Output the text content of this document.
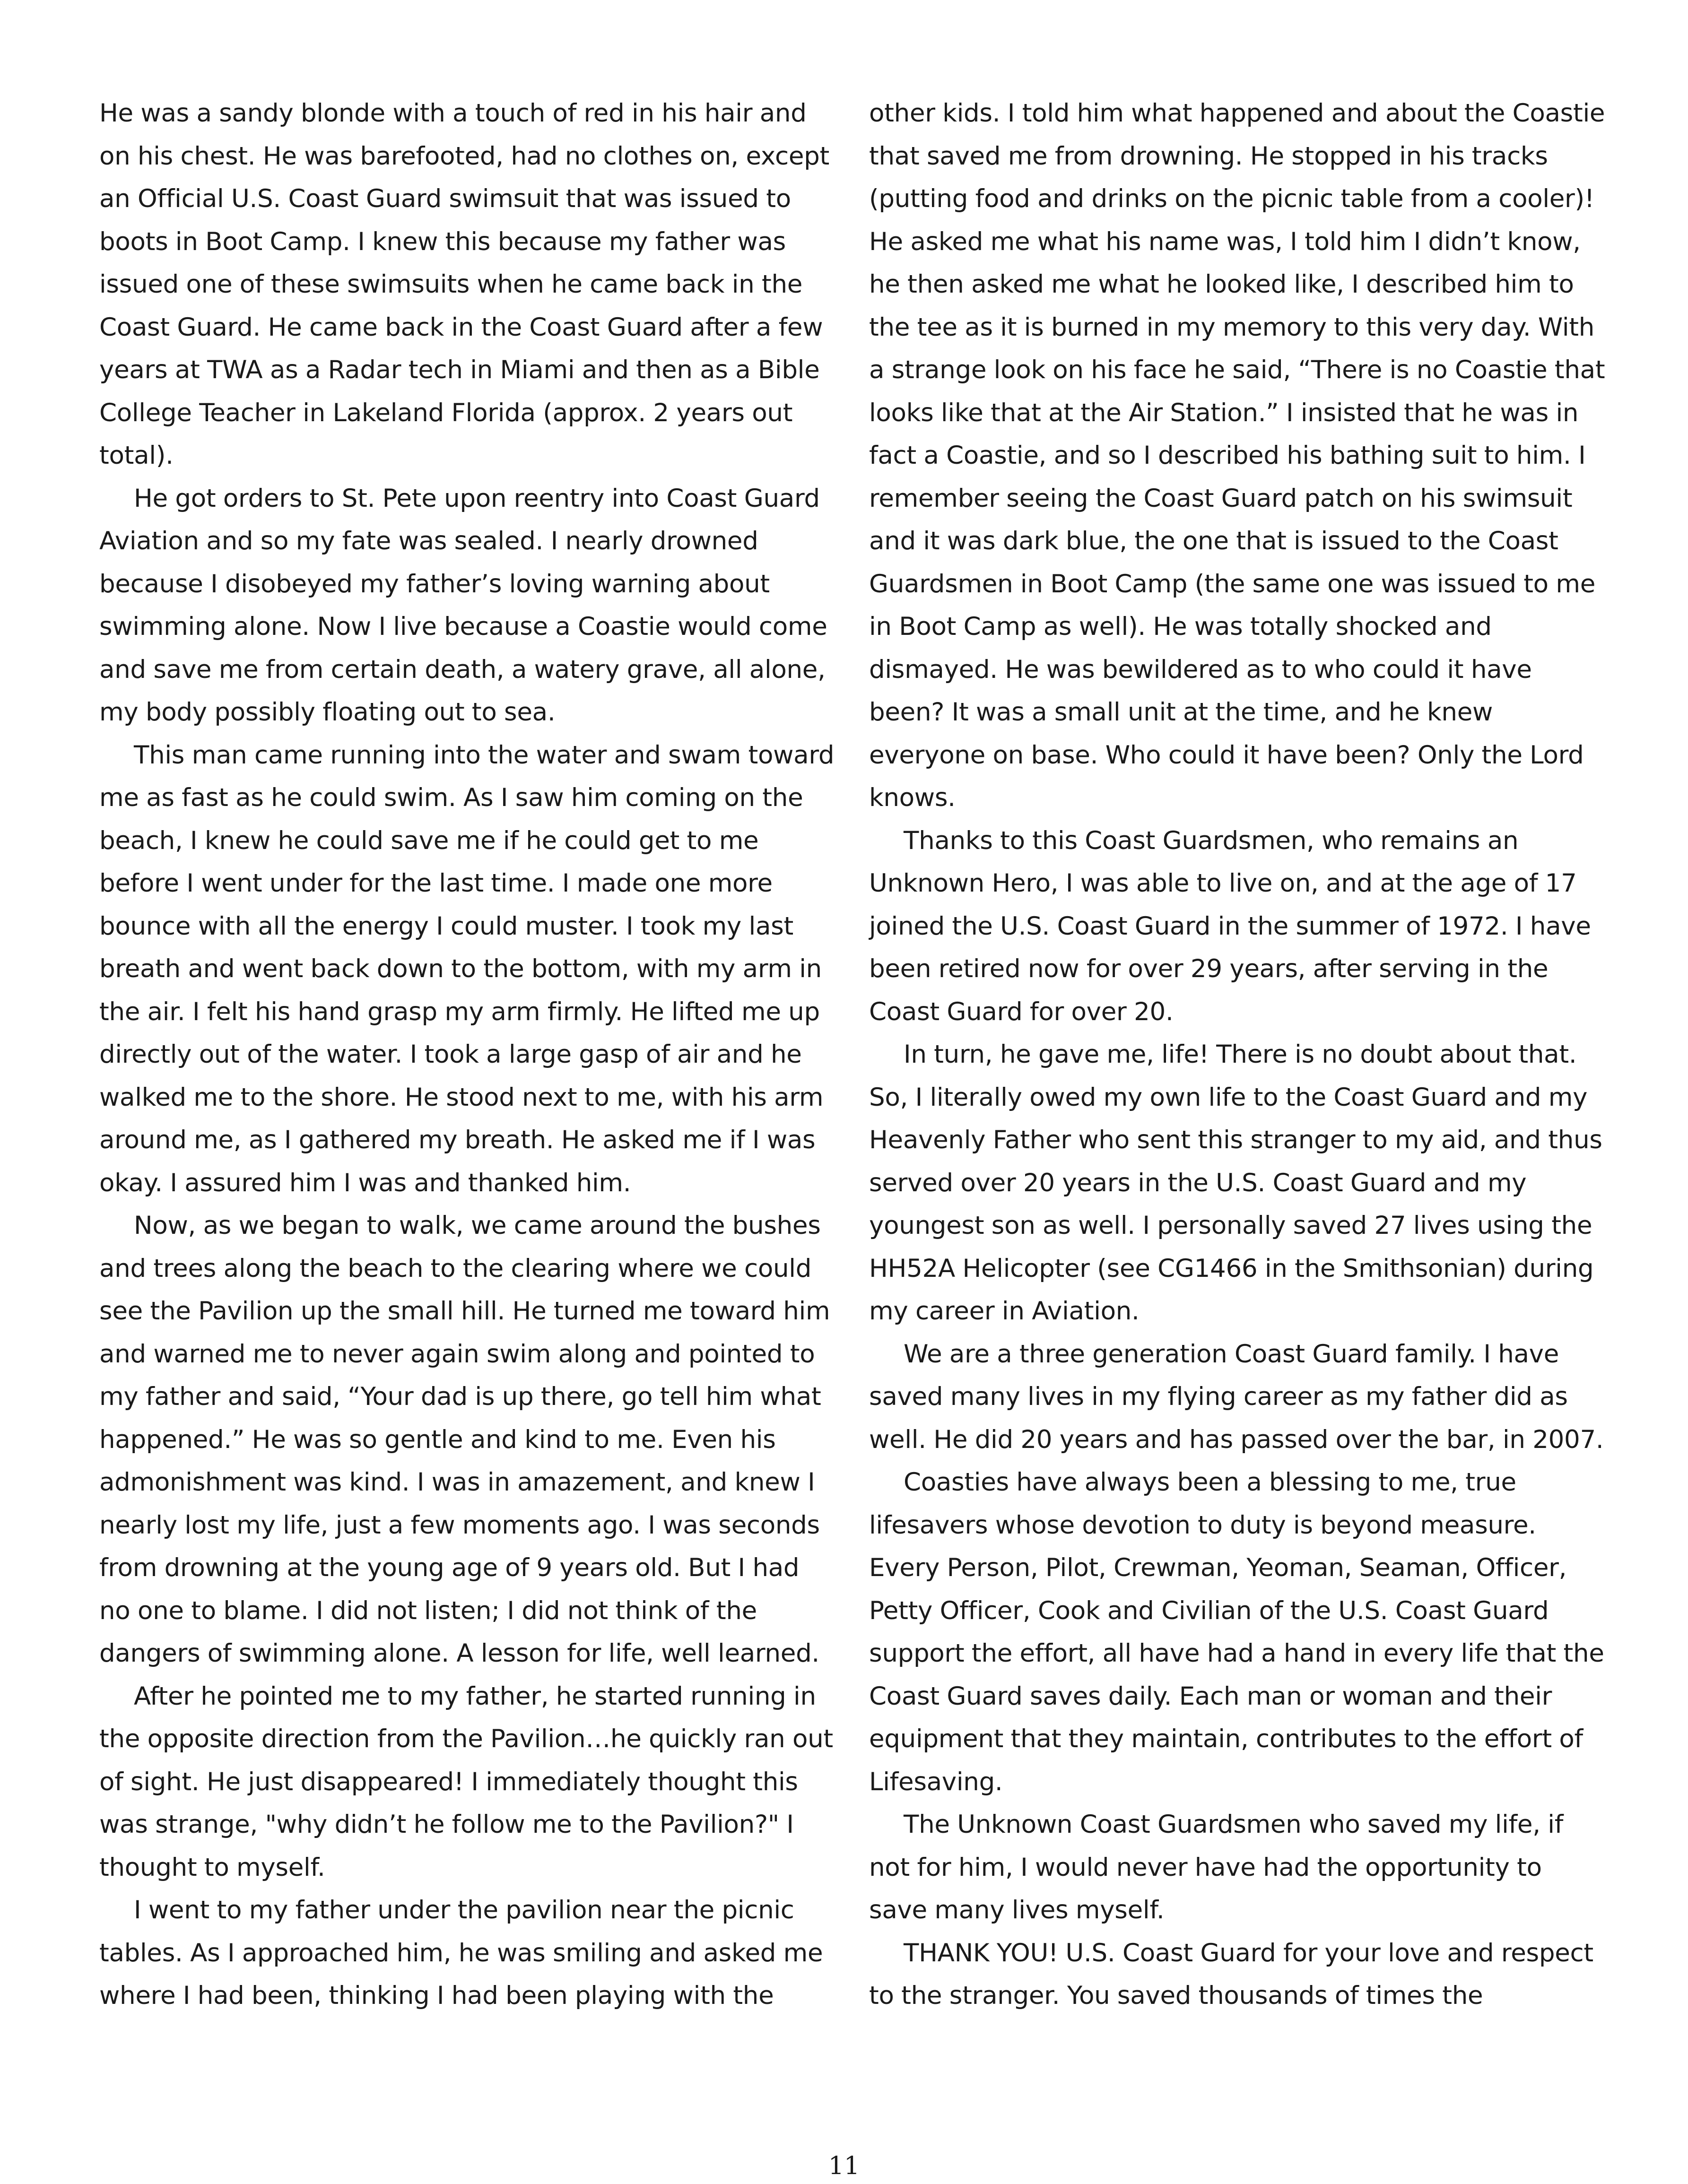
He was a sandy blonde with a touch of red in his hair and on his chest. He was barefooted, had no clothes on, except an Official U.S. Coast Guard swimsuit that was issued to boots in Boot Camp. I knew this because my father was issued one of these swimsuits when he came back in the Coast Guard. He came back in the Coast Guard after a few years at TWA as a Radar tech in Miami and then as a Bible College Teacher in Lakeland Florida (approx. 2 years out total).

He got orders to St. Pete upon reentry into Coast Guard Aviation and so my fate was sealed. I nearly drowned because I disobeyed my father’s loving warning about swimming alone. Now I live because a Coastie would come and save me from certain death, a watery grave, all alone, my body possibly floating out to sea.

This man came running into the water and swam toward me as fast as he could swim. As I saw him coming on the beach, I knew he could save me if he could get to me before I went under for the last time. I made one more bounce with all the energy I could muster. I took my last breath and went back down to the bottom, with my arm in the air. I felt his hand grasp my arm firmly. He lifted me up directly out of the water. I took a large gasp of air and he walked me to the shore. He stood next to me, with his arm around me, as I gathered my breath. He asked me if I was okay. I assured him I was and thanked him.

Now, as we began to walk, we came around the bushes and trees along the beach to the clearing where we could see the Pavilion up the small hill. He turned me toward him and warned me to never again swim along and pointed to my father and said, “Your dad is up there, go tell him what happened.” He was so gentle and kind to me. Even his admonishment was kind. I was in amazement, and knew I nearly lost my life, just a few moments ago. I was seconds from drowning at the young age of 9 years old. But I had no one to blame. I did not listen; I did not think of the dangers of swimming alone. A lesson for life, well learned.

After he pointed me to my father, he started running in the opposite direction from the Pavilion…he quickly ran out of sight. He just disappeared! I immediately thought this was strange, "why didn’t he follow me to the Pavilion?" I thought to myself.

I went to my father under the pavilion near the picnic tables. As I approached him, he was smiling and asked me where I had been, thinking I had been playing with the

other kids. I told him what happened and about the Coastie that saved me from drowning. He stopped in his tracks (putting food and drinks on the picnic table from a cooler)! He asked me what his name was, I told him I didn’t know, he then asked me what he looked like, I described him to the tee as it is burned in my memory to this very day. With a strange look on his face he said, “There is no Coastie that looks like that at the Air Station.” I insisted that he was in fact a Coastie, and so I described his bathing suit to him. I remember seeing the Coast Guard patch on his swimsuit and it was dark blue, the one that is issued to the Coast Guardsmen in Boot Camp (the same one was issued to me in Boot Camp as well). He was totally shocked and dismayed. He was bewildered as to who could it have been? It was a small unit at the time, and he knew everyone on base. Who could it have been? Only the Lord knows.

Thanks to this Coast Guardsmen, who remains an Unknown Hero, I was able to live on, and at the age of 17 joined the U.S. Coast Guard in the summer of 1972. I have been retired now for over 29 years, after serving in the Coast Guard for over 20.

In turn, he gave me, life! There is no doubt about that. So, I literally owed my own life to the Coast Guard and my Heavenly Father who sent this stranger to my aid, and thus served over 20 years in the U.S. Coast Guard and my youngest son as well. I personally saved 27 lives using the HH52A Helicopter (see CG1466 in the Smithsonian) during my career in Aviation.

We are a three generation Coast Guard family. I have saved many lives in my flying career as my father did as well. He did 20 years and has passed over the bar, in 2007.

Coasties have always been a blessing to me, true lifesavers whose devotion to duty is beyond measure. Every Person, Pilot, Crewman, Yeoman, Seaman, Officer, Petty Officer, Cook and Civilian of the U.S. Coast Guard support the effort, all have had a hand in every life that the Coast Guard saves daily. Each man or woman and their equipment that they maintain, contributes to the effort of Lifesaving.

The Unknown Coast Guardsmen who saved my life, if not for him, I would never have had the opportunity to save many lives myself.

THANK YOU! U.S. Coast Guard for your love and respect to the stranger. You saved thousands of times the

11
